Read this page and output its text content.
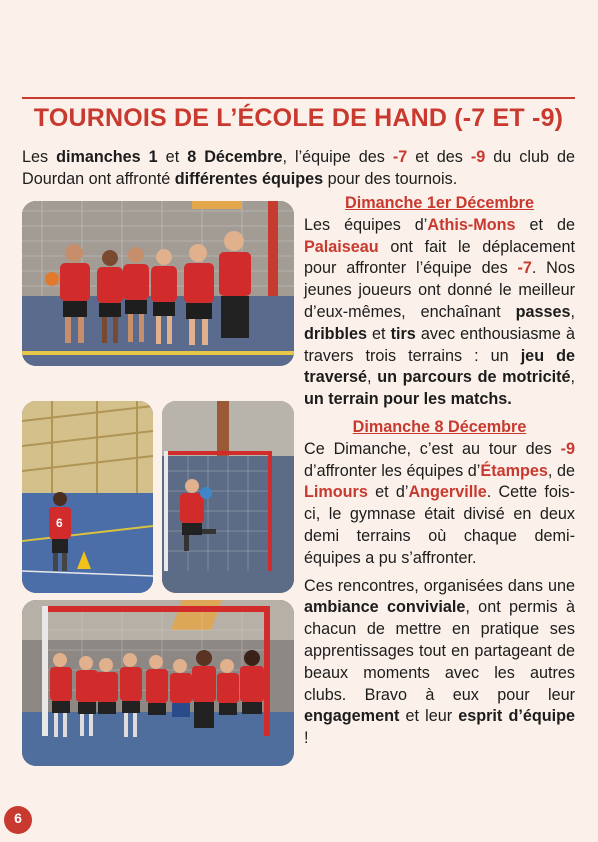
TOURNOIS DE L’ÉCOLE DE HAND (-7 ET -9)
Les dimanches 1 et 8 Décembre, l’équipe des -7 et des -9 du club de Dourdan ont affronté différentes équipes pour des tournois.
6
Dimanche 1er Décembre

Les équipes d’Athis-Mons et de Palaiseau ont fait le déplacement pour affronter l’équipe des -7. Nos jeunes joueurs ont donné le meilleur d’eux-mêmes, enchaînant passes, dribbles et tirs avec enthousiasme à travers trois terrains : un jeu de traversé, un parcours de motricité, un terrain pour les matchs.

Dimanche 8 Décembre

Ce Dimanche, c’est au tour des -9 d’affronter les équipes d’Étampes, de Limours et d’Angerville. Cette fois-ci, le gymnase était divisé en deux demi terrains où chaque demi-équipes a pu s’affronter.

Ces rencontres, organisées dans une ambiance conviviale, ont permis à chacun de mettre en pratique ses apprentissages tout en partageant de beaux moments avec les autres clubs. Bravo à eux pour leur engagement et leur esprit d’équipe !

6
